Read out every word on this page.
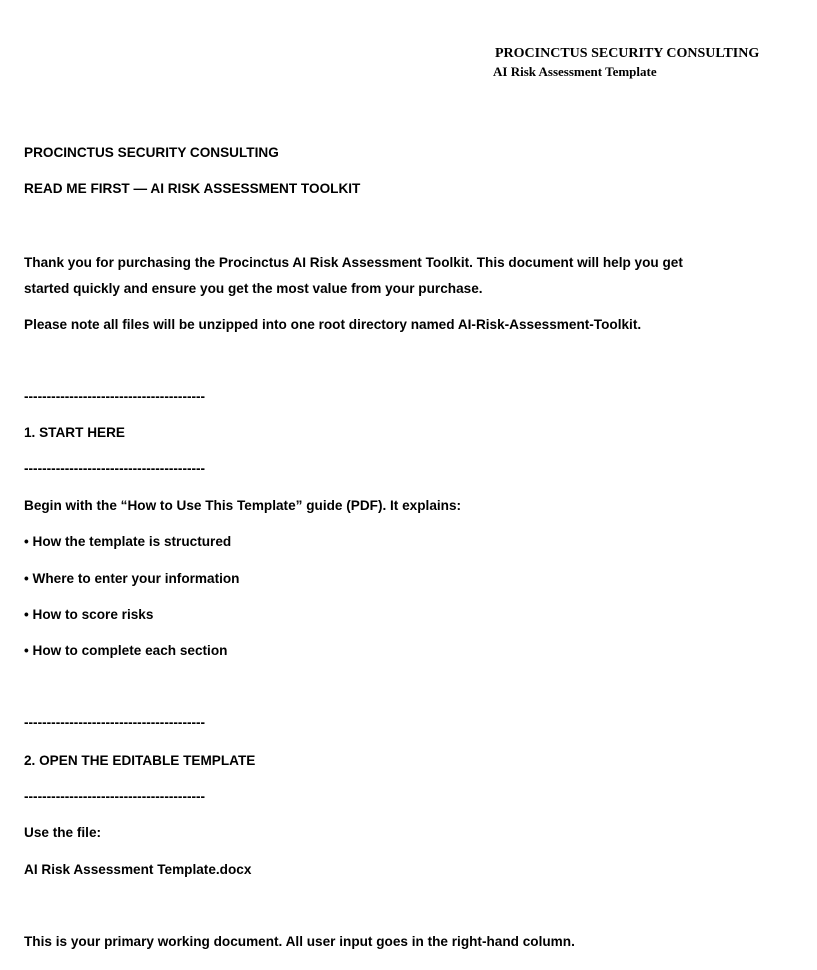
PROCINCTUS SECURITY CONSULTING
AI Risk Assessment Template
PROCINCTUS SECURITY CONSULTING
READ ME FIRST — AI RISK ASSESSMENT TOOLKIT
Thank you for purchasing the Procinctus AI Risk Assessment Toolkit. This document will help you get
started quickly and ensure you get the most value from your purchase.
Please note all files will be unzipped into one root directory named AI-Risk-Assessment-Toolkit.
----------------------------------------
1. START HERE
----------------------------------------
Begin with the “How to Use This Template” guide (PDF). It explains:
• How the template is structured
• Where to enter your information
• How to score risks
• How to complete each section
----------------------------------------
2. OPEN THE EDITABLE TEMPLATE
----------------------------------------
Use the file:
AI Risk Assessment Template.docx
This is your primary working document. All user input goes in the right-hand column.
